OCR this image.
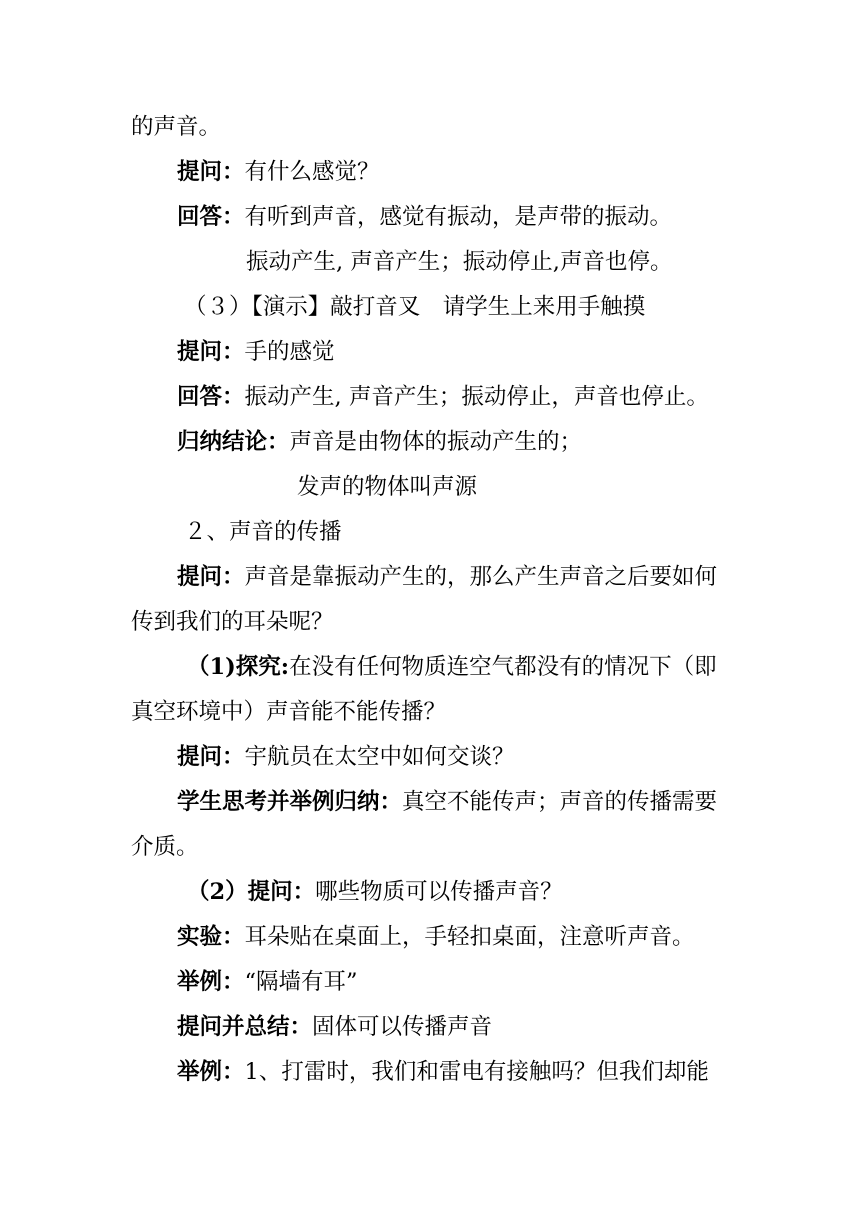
的声音。
提问：有什么感觉？
回答：有听到声音，感觉有振动，是声带的振动。
振动产生, 声音产生；振动停止,声音也停。
（３）【演示】敲打音叉　请学生上来用手触摸
提问：手的感觉
回答：振动产生, 声音产生；振动停止，声音也停止。
归纳结论：声音是由物体的振动产生的；
发声的物体叫声源
２、声音的传播
提问：声音是靠振动产生的，那么产生声音之后要如何
传到我们的耳朵呢？
（1)探究:在没有任何物质连空气都没有的情况下（即
真空环境中）声音能不能传播？
提问：宇航员在太空中如何交谈？
学生思考并举例归纳：真空不能传声；声音的传播需要
介质。
（2）提问：哪些物质可以传播声音？
实验：耳朵贴在桌面上，手轻扣桌面，注意听声音。
举例：“隔墙有耳”
提问并总结：固体可以传播声音
举例：1、打雷时，我们和雷电有接触吗？但我们却能
